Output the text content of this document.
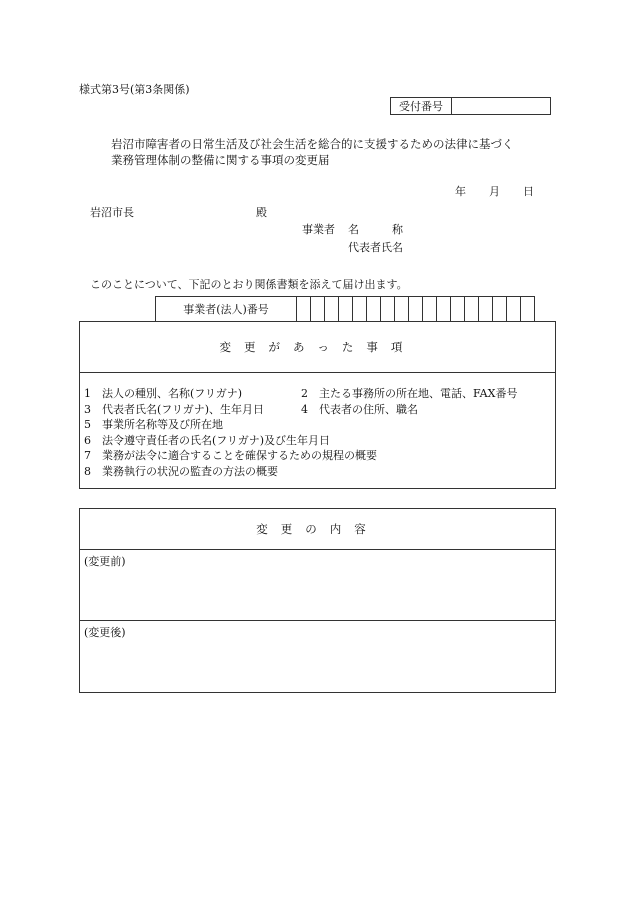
様式第3号(第3条関係)
受付番号	
岩沼市障害者の日常生活及び社会生活を総合的に支援するための法律に基づく
業務管理体制の整備に関する事項の変更届
年 月 日
岩沼市長	殿
事業者 名　　　称
代表者氏名
このことについて、下記のとおり関係書類を添えて届け出ます。
事業者(法人)番号																	
変更があった事項
1　法人の種別、名称(フリガナ)	2　主たる事務所の所在地、電話、FAX番号
3　代表者氏名(フリガナ)、生年月日	4　代表者の住所、職名
5　事業所名称等及び所在地
6　法令遵守責任者の氏名(フリガナ)及び生年月日
7　業務が法令に適合することを確保するための規程の概要
8　業務執行の状況の監査の方法の概要
変更の内容
(変更前)
(変更後)
